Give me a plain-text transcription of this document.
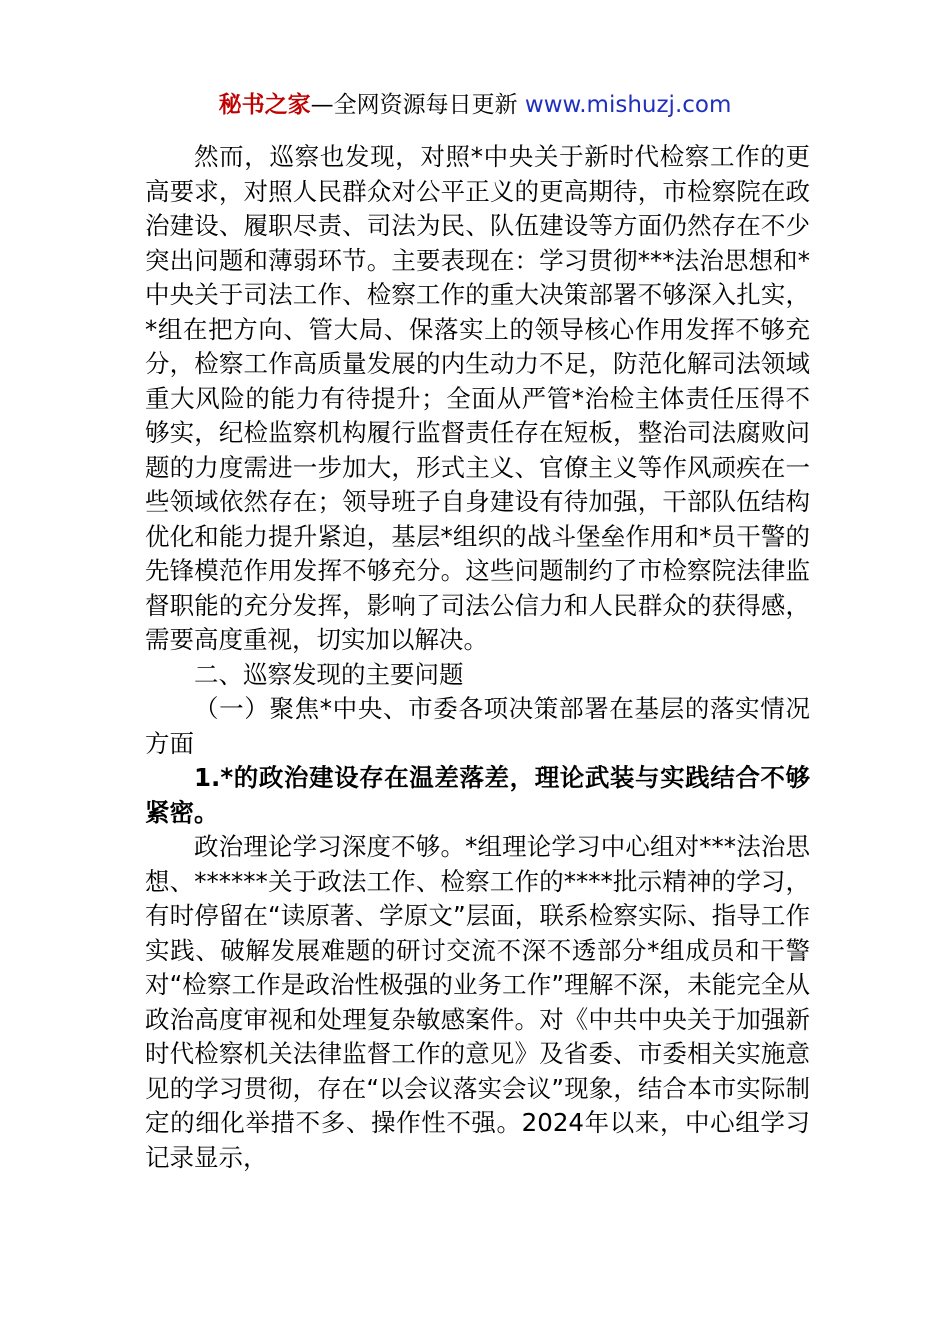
秘书之家—全网资源每日更新 www.mishuzj.com

然而，巡察也发现，对照*中央关于新时代检察工作的更高要求，对照人民群众对公平正义的更高期待，市检察院在政治建设、履职尽责、司法为民、队伍建设等方面仍然存在不少突出问题和薄弱环节。主要表现在：学习贯彻***法治思想和*中央关于司法工作、检察工作的重大决策部署不够深入扎实，*组在把方向、管大局、保落实上的领导核心作用发挥不够充分，检察工作高质量发展的内生动力不足，防范化解司法领域重大风险的能力有待提升；全面从严管*治检主体责任压得不够实，纪检监察机构履行监督责任存在短板，整治司法腐败问题的力度需进一步加大，形式主义、官僚主义等作风顽疾在一些领域依然存在；领导班子自身建设有待加强，干部队伍结构优化和能力提升紧迫，基层*组织的战斗堡垒作用和*员干警的先锋模范作用发挥不够充分。这些问题制约了市检察院法律监督职能的充分发挥，影响了司法公信力和人民群众的获得感，需要高度重视，切实加以解决。

二、巡察发现的主要问题

（一）聚焦*中央、市委各项决策部署在基层的落实情况方面

1.*的政治建设存在温差落差，理论武装与实践结合不够紧密。

政治理论学习深度不够。*组理论学习中心组对***法治思想、******关于政法工作、检察工作的****批示精神的学习，有时停留在“读原著、学原文”层面，联系检察实际、指导工作实践、破解发展难题的研讨交流不深不透部分*组成员和干警对“检察工作是政治性极强的业务工作”理解不深，未能完全从政治高度审视和处理复杂敏感案件。对《中共中央关于加强新时代检察机关法律监督工作的意见》及省委、市委相关实施意见的学习贯彻，存在“以会议落实会议”现象，结合本市实际制定的细化举措不多、操作性不强。2024年以来，中心组学习记录显示，
